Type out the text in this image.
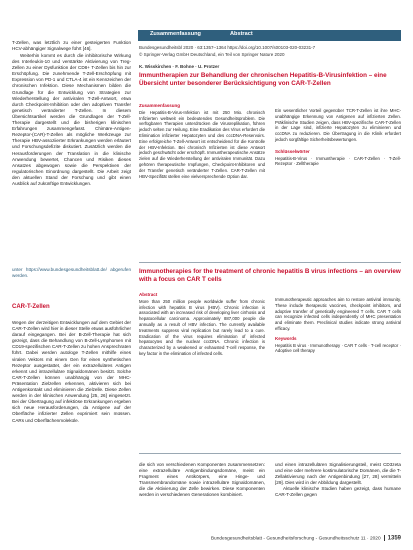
T-Zellen, was letztlich zu einer gesteigerten Funktion HCV-abhängiger Signalwege führt [46].

Weiterhin kommt es durch die inhibitorische Wirkung des Interleukin-10 und verstärkte Aktivierung von Treg-Zellen zu einer Dysfunktion der CD8+ T-Zellen bis hin zur Erschöpfung. Die zunehmende T-Zell-Erschöpfung mit Expression von PD-1 und CTLA-4 ist ein Kennzeichen der chronischen Infektion. Diese Mechanismen bilden die Grundlage für die Entwicklung von Strategien zur Wiederherstellung der antiviralen T-Zell-Antwort, etwa durch Checkpoint-Inhibition oder den adoptiven Transfer genetisch veränderter T-Zellen. In diesem Übersichtsartikel werden die Grundlagen der T-Zell-Therapie dargestellt und die bisherigen klinischen Erfahrungen zusammengefasst. Chimäre-Antigen-Rezeptor-(CAR)-T-Zellen als mögliche Werkzeuge zur Therapie HBV-assoziierter Erkrankungen werden erläutert und Forschungsdefizite diskutiert. Zusätzlich werden die Herausforderungen der Translation in die klinische Anwendung bewertet, Chancen und Risiken dieses Ansatzes abgewogen sowie die Perspektiven der regulatorischen Einordnung dargestellt. Die Arbeit zeigt den aktuellen Stand der Forschung und gibt einen Ausblick auf zukünftige Entwicklungen.

unter https://www.bundesgesundheitsblatt.de/ abgerufen werden.

CAR-T-Zellen

Wegen der derzeitigen Entwicklungen auf dem Gebiet der CAR-T-Zellen wird hier in dieser Stelle etwas ausführlicher darauf eingegangen. Bei der B-Zell-Therapie hat sich gezeigt, dass die Behandlung von B-Zell-Lymphomen mit CD19-spezifischen CAR-T-Zellen zu hohen Ansprechraten führt. Dabei werden autologe T-Zellen mithilfe eines viralen Vektors mit einem Gen für einen synthetischen Rezeptor ausgestattet, der ein extrazelluläres Antigen erkennt und intrazelluläre Signaldomänen besitzt. Solche CAR-T-Zellen können unabhängig von der MHC-Präsentation Zielzellen erkennen, aktivieren sich bei Antigenkontakt und eliminieren die Zielzelle. Diese Zellen werden in der klinischen Anwendung [25, 26] eingesetzt. Bei der Übertragung auf infektiöse Erkrankungen ergeben sich neue Herausforderungen, da Antigene auf der Oberfläche infizierter Zellen exprimiert sein müssen. CARs und Oberflächenmoleküle.

Zusammenfassung	Abstract
Bundesgesundheitsbl 2020 · 63:1357–1364 https://doi.org/10.1007/s00103-020-03231-7
© Springer-Verlag GmbH Deutschland, ein Teil von Springer Nature 2020
K. Wisskirchen · F. Bohne · U. Protzer
Immuntherapien zur Behandlung der chronischen Hepatitis-B-Virusinfektion – eine Übersicht unter besonderer Berücksichtigung von CAR-T-Zellen
Zusammenfassung
Die Hepatitis-B-Virus-Infektion ist mit 250 Mio. chronisch Infizierten weltweit ein bedeutendes Gesundheitsproblem. Die verfügbaren Therapien unterdrücken die Virusreplikation, führen jedoch selten zur Heilung. Eine Eradikation des Virus erfordert die Elimination infizierter Hepatozyten und des cccDNA-Reservoirs. Eine erfolgreiche T-Zell-Antwort ist entscheidend für die Kontrolle der HBV-Infektion. Bei chronisch Infizierten ist diese Antwort jedoch geschwächt oder erschöpft. Immuntherapeutische Ansätze zielen auf die Wiederherstellung der antiviralen Immunität. Dazu gehören therapeutische Impfungen, Checkpoint-Inhibitoren und der Transfer genetisch veränderter T-Zellen. CAR-T-Zellen mit HBV-Spezifität stellen eine vielversprechende Option dar.
Ein wesentlicher Vorteil gegenüber TCR-T-Zellen ist ihre MHC-unabhängige Erkennung von Antigenen auf infizierten Zellen. Präklinische Studien zeigen, dass HBV-spezifische CAR-T-Zellen in der Lage sind, infizierte Hepatozyten zu eliminieren und cccDNA zu reduzieren. Die Übertragung in die Klinik erfordert jedoch sorgfältige Sicherheitsbewertungen.
Schlüsselwörter
Hepatitis-B-Virus · Immuntherapie · CAR-T-Zellen · T-Zell-Rezeptor · Zelltherapie
Immunotherapies for the treatment of chronic hepatitis B virus infections – an overview with a focus on CAR T cells
Abstract
More than 250 million people worldwide suffer from chronic infection with hepatitis B virus (HBV). Chronic infection is associated with an increased risk of developing liver cirrhosis and hepatocellular carcinoma. Approximately 887,000 people die annually as a result of HBV infection. The currently available treatments suppress viral replication but rarely lead to a cure. Eradication of the virus requires elimination of infected hepatocytes and the nuclear cccDNA. Chronic infection is characterized by a weakened or exhausted T-cell response, the key factor in the elimination of infected cells.
Immunotherapeutic approaches aim to restore antiviral immunity. These include therapeutic vaccines, checkpoint inhibitors, and adoptive transfer of genetically engineered T cells. CAR T cells can recognize infected cells independently of MHC presentation and eliminate them. Preclinical studies indicate strong antiviral efficacy.
Keywords
Hepatitis B virus · Immunotherapy · CAR T cells · T-cell receptor · Adoptive cell therapy
die sich von verschiedenen Komponenten zusammensetzen: eine extrazelluläre Antigenbindungsdomäne, meist ein Fragment eines Antikörpers, eine Hinge- und Transmembrandomäne sowie intrazelluläre Signaldomänen, die die Aktivierung der Zelle bewirken. Diese Komponenten werden in verschiedenen Generationen kombiniert.
und einen intrazellulären Signalisierungsteil, meist CD3zeta und eine oder mehrere kostimulatorische Domänen, die die T-Zellaktivierung nach der Antigenbindung [27, 28] vermitteln [29]. Dies wird in der Abbildung dargestellt.
Aktuelle klinische Studien haben gezeigt, dass humane CAR-T-Zellen gegen
Bundesgesundheitsblatt - Gesundheitsforschung - Gesundheitsschutz 11 · 2020 1359
